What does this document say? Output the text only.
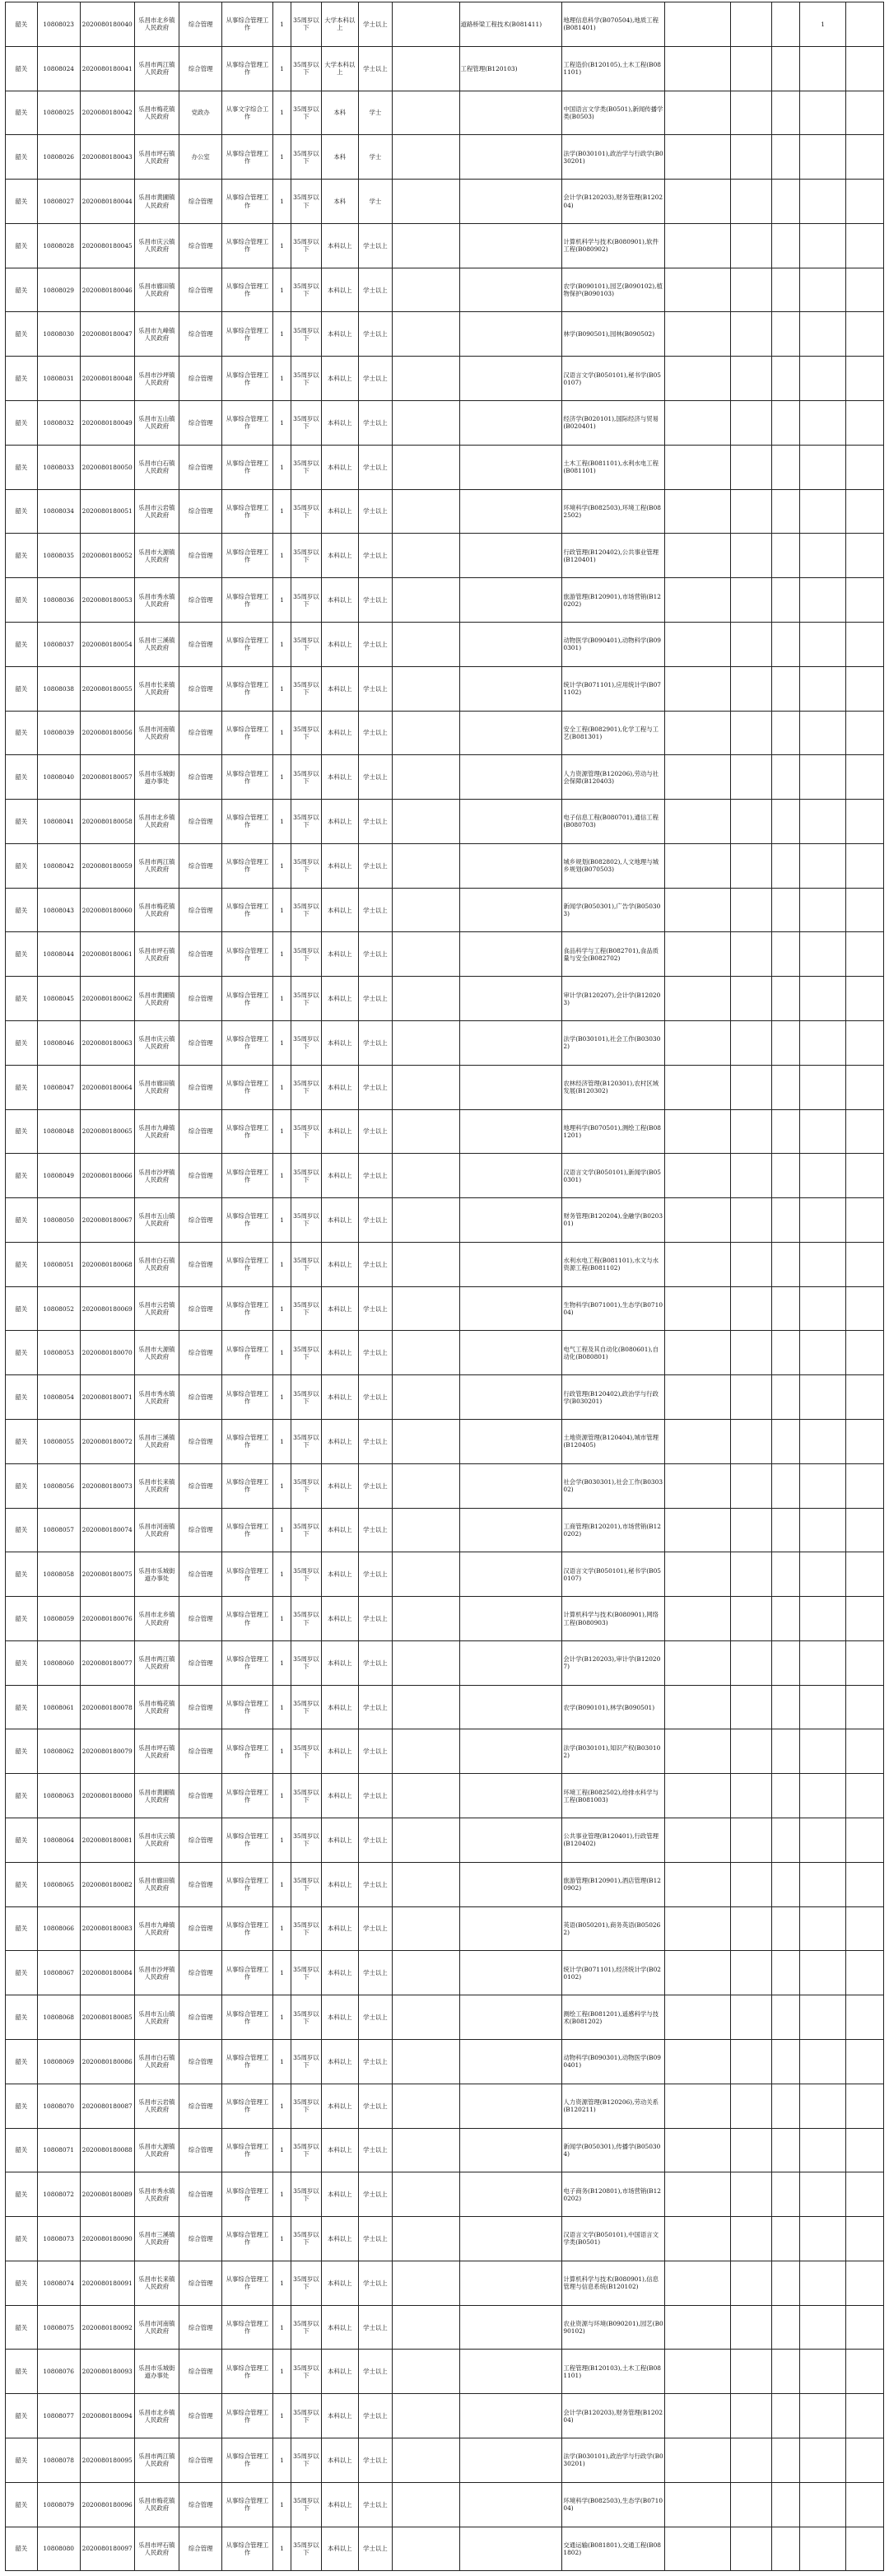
韶关	10808023	2020080180040	乐昌市北乡镇人民政府	综合管理	从事综合管理工作	1	35周岁以下	大学本科以上	学士以上		道路桥梁工程技术(B081411)	地理信息科学(B070504),地质工程(B081401)				1	
韶关	10808024	2020080180041	乐昌市两江镇人民政府	综合管理	从事综合管理工作	1	35周岁以下	大学本科以上	学士以上		工程管理(B120103)	工程造价(B120105),土木工程(B081101)					
韶关	10808025	2020080180042	乐昌市梅花镇人民政府	党政办	从事文字综合工作	1	35周岁以下	本科	学士			中国语言文学类(B0501),新闻传播学类(B0503)					
韶关	10808026	2020080180043	乐昌市坪石镇人民政府	办公室	从事综合管理工作	1	35周岁以下	本科	学士			法学(B030101),政治学与行政学(B030201)					
韶关	10808027	2020080180044	乐昌市黄圃镇人民政府	综合管理	从事综合管理工作	1	35周岁以下	本科	学士			会计学(B120203),财务管理(B120204)					
韶关	10808028	2020080180045	乐昌市庆云镇人民政府	综合管理	从事综合管理工作	1	35周岁以下	本科以上	学士以上			计算机科学与技术(B080901),软件工程(B080902)					
韶关	10808029	2020080180046	乐昌市廊田镇人民政府	综合管理	从事综合管理工作	1	35周岁以下	本科以上	学士以上			农学(B090101),园艺(B090102),植物保护(B090103)					
韶关	10808030	2020080180047	乐昌市九峰镇人民政府	综合管理	从事综合管理工作	1	35周岁以下	本科以上	学士以上			林学(B090501),园林(B090502)					
韶关	10808031	2020080180048	乐昌市沙坪镇人民政府	综合管理	从事综合管理工作	1	35周岁以下	本科以上	学士以上			汉语言文学(B050101),秘书学(B050107)					
韶关	10808032	2020080180049	乐昌市五山镇人民政府	综合管理	从事综合管理工作	1	35周岁以下	本科以上	学士以上			经济学(B020101),国际经济与贸易(B020401)					
韶关	10808033	2020080180050	乐昌市白石镇人民政府	综合管理	从事综合管理工作	1	35周岁以下	本科以上	学士以上			土木工程(B081101),水利水电工程(B081101)					
韶关	10808034	2020080180051	乐昌市云岩镇人民政府	综合管理	从事综合管理工作	1	35周岁以下	本科以上	学士以上			环境科学(B082503),环境工程(B082502)					
韶关	10808035	2020080180052	乐昌市大源镇人民政府	综合管理	从事综合管理工作	1	35周岁以下	本科以上	学士以上			行政管理(B120402),公共事业管理(B120401)					
韶关	10808036	2020080180053	乐昌市秀水镇人民政府	综合管理	从事综合管理工作	1	35周岁以下	本科以上	学士以上			旅游管理(B120901),市场营销(B120202)					
韶关	10808037	2020080180054	乐昌市三溪镇人民政府	综合管理	从事综合管理工作	1	35周岁以下	本科以上	学士以上			动物医学(B090401),动物科学(B090301)					
韶关	10808038	2020080180055	乐昌市长来镇人民政府	综合管理	从事综合管理工作	1	35周岁以下	本科以上	学士以上			统计学(B071101),应用统计学(B071102)					
韶关	10808039	2020080180056	乐昌市河南镇人民政府	综合管理	从事综合管理工作	1	35周岁以下	本科以上	学士以上			安全工程(B082901),化学工程与工艺(B081301)					
韶关	10808040	2020080180057	乐昌市乐城街道办事处	综合管理	从事综合管理工作	1	35周岁以下	本科以上	学士以上			人力资源管理(B120206),劳动与社会保障(B120403)					
韶关	10808041	2020080180058	乐昌市北乡镇人民政府	综合管理	从事综合管理工作	1	35周岁以下	本科以上	学士以上			电子信息工程(B080701),通信工程(B080703)					
韶关	10808042	2020080180059	乐昌市两江镇人民政府	综合管理	从事综合管理工作	1	35周岁以下	本科以上	学士以上			城乡规划(B082802),人文地理与城乡规划(B070503)					
韶关	10808043	2020080180060	乐昌市梅花镇人民政府	综合管理	从事综合管理工作	1	35周岁以下	本科以上	学士以上			新闻学(B050301),广告学(B050303)					
韶关	10808044	2020080180061	乐昌市坪石镇人民政府	综合管理	从事综合管理工作	1	35周岁以下	本科以上	学士以上			食品科学与工程(B082701),食品质量与安全(B082702)					
韶关	10808045	2020080180062	乐昌市黄圃镇人民政府	综合管理	从事综合管理工作	1	35周岁以下	本科以上	学士以上			审计学(B120207),会计学(B120203)					
韶关	10808046	2020080180063	乐昌市庆云镇人民政府	综合管理	从事综合管理工作	1	35周岁以下	本科以上	学士以上			法学(B030101),社会工作(B030302)					
韶关	10808047	2020080180064	乐昌市廊田镇人民政府	综合管理	从事综合管理工作	1	35周岁以下	本科以上	学士以上			农林经济管理(B120301),农村区域发展(B120302)					
韶关	10808048	2020080180065	乐昌市九峰镇人民政府	综合管理	从事综合管理工作	1	35周岁以下	本科以上	学士以上			地理科学(B070501),测绘工程(B081201)					
韶关	10808049	2020080180066	乐昌市沙坪镇人民政府	综合管理	从事综合管理工作	1	35周岁以下	本科以上	学士以上			汉语言文学(B050101),新闻学(B050301)					
韶关	10808050	2020080180067	乐昌市五山镇人民政府	综合管理	从事综合管理工作	1	35周岁以下	本科以上	学士以上			财务管理(B120204),金融学(B020301)					
韶关	10808051	2020080180068	乐昌市白石镇人民政府	综合管理	从事综合管理工作	1	35周岁以下	本科以上	学士以上			水利水电工程(B081101),水文与水资源工程(B081102)					
韶关	10808052	2020080180069	乐昌市云岩镇人民政府	综合管理	从事综合管理工作	1	35周岁以下	本科以上	学士以上			生物科学(B071001),生态学(B071004)					
韶关	10808053	2020080180070	乐昌市大源镇人民政府	综合管理	从事综合管理工作	1	35周岁以下	本科以上	学士以上			电气工程及其自动化(B080601),自动化(B080801)					
韶关	10808054	2020080180071	乐昌市秀水镇人民政府	综合管理	从事综合管理工作	1	35周岁以下	本科以上	学士以上			行政管理(B120402),政治学与行政学(B030201)					
韶关	10808055	2020080180072	乐昌市三溪镇人民政府	综合管理	从事综合管理工作	1	35周岁以下	本科以上	学士以上			土地资源管理(B120404),城市管理(B120405)					
韶关	10808056	2020080180073	乐昌市长来镇人民政府	综合管理	从事综合管理工作	1	35周岁以下	本科以上	学士以上			社会学(B030301),社会工作(B030302)					
韶关	10808057	2020080180074	乐昌市河南镇人民政府	综合管理	从事综合管理工作	1	35周岁以下	本科以上	学士以上			工商管理(B120201),市场营销(B120202)					
韶关	10808058	2020080180075	乐昌市乐城街道办事处	综合管理	从事综合管理工作	1	35周岁以下	本科以上	学士以上			汉语言文学(B050101),秘书学(B050107)					
韶关	10808059	2020080180076	乐昌市北乡镇人民政府	综合管理	从事综合管理工作	1	35周岁以下	本科以上	学士以上			计算机科学与技术(B080901),网络工程(B080903)					
韶关	10808060	2020080180077	乐昌市两江镇人民政府	综合管理	从事综合管理工作	1	35周岁以下	本科以上	学士以上			会计学(B120203),审计学(B120207)					
韶关	10808061	2020080180078	乐昌市梅花镇人民政府	综合管理	从事综合管理工作	1	35周岁以下	本科以上	学士以上			农学(B090101),林学(B090501)					
韶关	10808062	2020080180079	乐昌市坪石镇人民政府	综合管理	从事综合管理工作	1	35周岁以下	本科以上	学士以上			法学(B030101),知识产权(B030102)					
韶关	10808063	2020080180080	乐昌市黄圃镇人民政府	综合管理	从事综合管理工作	1	35周岁以下	本科以上	学士以上			环境工程(B082502),给排水科学与工程(B081003)					
韶关	10808064	2020080180081	乐昌市庆云镇人民政府	综合管理	从事综合管理工作	1	35周岁以下	本科以上	学士以上			公共事业管理(B120401),行政管理(B120402)					
韶关	10808065	2020080180082	乐昌市廊田镇人民政府	综合管理	从事综合管理工作	1	35周岁以下	本科以上	学士以上			旅游管理(B120901),酒店管理(B120902)					
韶关	10808066	2020080180083	乐昌市九峰镇人民政府	综合管理	从事综合管理工作	1	35周岁以下	本科以上	学士以上			英语(B050201),商务英语(B050262)					
韶关	10808067	2020080180084	乐昌市沙坪镇人民政府	综合管理	从事综合管理工作	1	35周岁以下	本科以上	学士以上			统计学(B071101),经济统计学(B020102)					
韶关	10808068	2020080180085	乐昌市五山镇人民政府	综合管理	从事综合管理工作	1	35周岁以下	本科以上	学士以上			测绘工程(B081201),遥感科学与技术(B081202)					
韶关	10808069	2020080180086	乐昌市白石镇人民政府	综合管理	从事综合管理工作	1	35周岁以下	本科以上	学士以上			动物科学(B090301),动物医学(B090401)					
韶关	10808070	2020080180087	乐昌市云岩镇人民政府	综合管理	从事综合管理工作	1	35周岁以下	本科以上	学士以上			人力资源管理(B120206),劳动关系(B120211)					
韶关	10808071	2020080180088	乐昌市大源镇人民政府	综合管理	从事综合管理工作	1	35周岁以下	本科以上	学士以上			新闻学(B050301),传播学(B050304)					
韶关	10808072	2020080180089	乐昌市秀水镇人民政府	综合管理	从事综合管理工作	1	35周岁以下	本科以上	学士以上			电子商务(B120801),市场营销(B120202)					
韶关	10808073	2020080180090	乐昌市三溪镇人民政府	综合管理	从事综合管理工作	1	35周岁以下	本科以上	学士以上			汉语言文学(B050101),中国语言文学类(B0501)					
韶关	10808074	2020080180091	乐昌市长来镇人民政府	综合管理	从事综合管理工作	1	35周岁以下	本科以上	学士以上			计算机科学与技术(B080901),信息管理与信息系统(B120102)					
韶关	10808075	2020080180092	乐昌市河南镇人民政府	综合管理	从事综合管理工作	1	35周岁以下	本科以上	学士以上			农业资源与环境(B090201),园艺(B090102)					
韶关	10808076	2020080180093	乐昌市乐城街道办事处	综合管理	从事综合管理工作	1	35周岁以下	本科以上	学士以上			工程管理(B120103),土木工程(B081101)					
韶关	10808077	2020080180094	乐昌市北乡镇人民政府	综合管理	从事综合管理工作	1	35周岁以下	本科以上	学士以上			会计学(B120203),财务管理(B120204)					
韶关	10808078	2020080180095	乐昌市两江镇人民政府	综合管理	从事综合管理工作	1	35周岁以下	本科以上	学士以上			法学(B030101),政治学与行政学(B030201)					
韶关	10808079	2020080180096	乐昌市梅花镇人民政府	综合管理	从事综合管理工作	1	35周岁以下	本科以上	学士以上			环境科学(B082503),生态学(B071004)					
韶关	10808080	2020080180097	乐昌市坪石镇人民政府	综合管理	从事综合管理工作	1	35周岁以下	本科以上	学士以上			交通运输(B081801),交通工程(B081802)					
